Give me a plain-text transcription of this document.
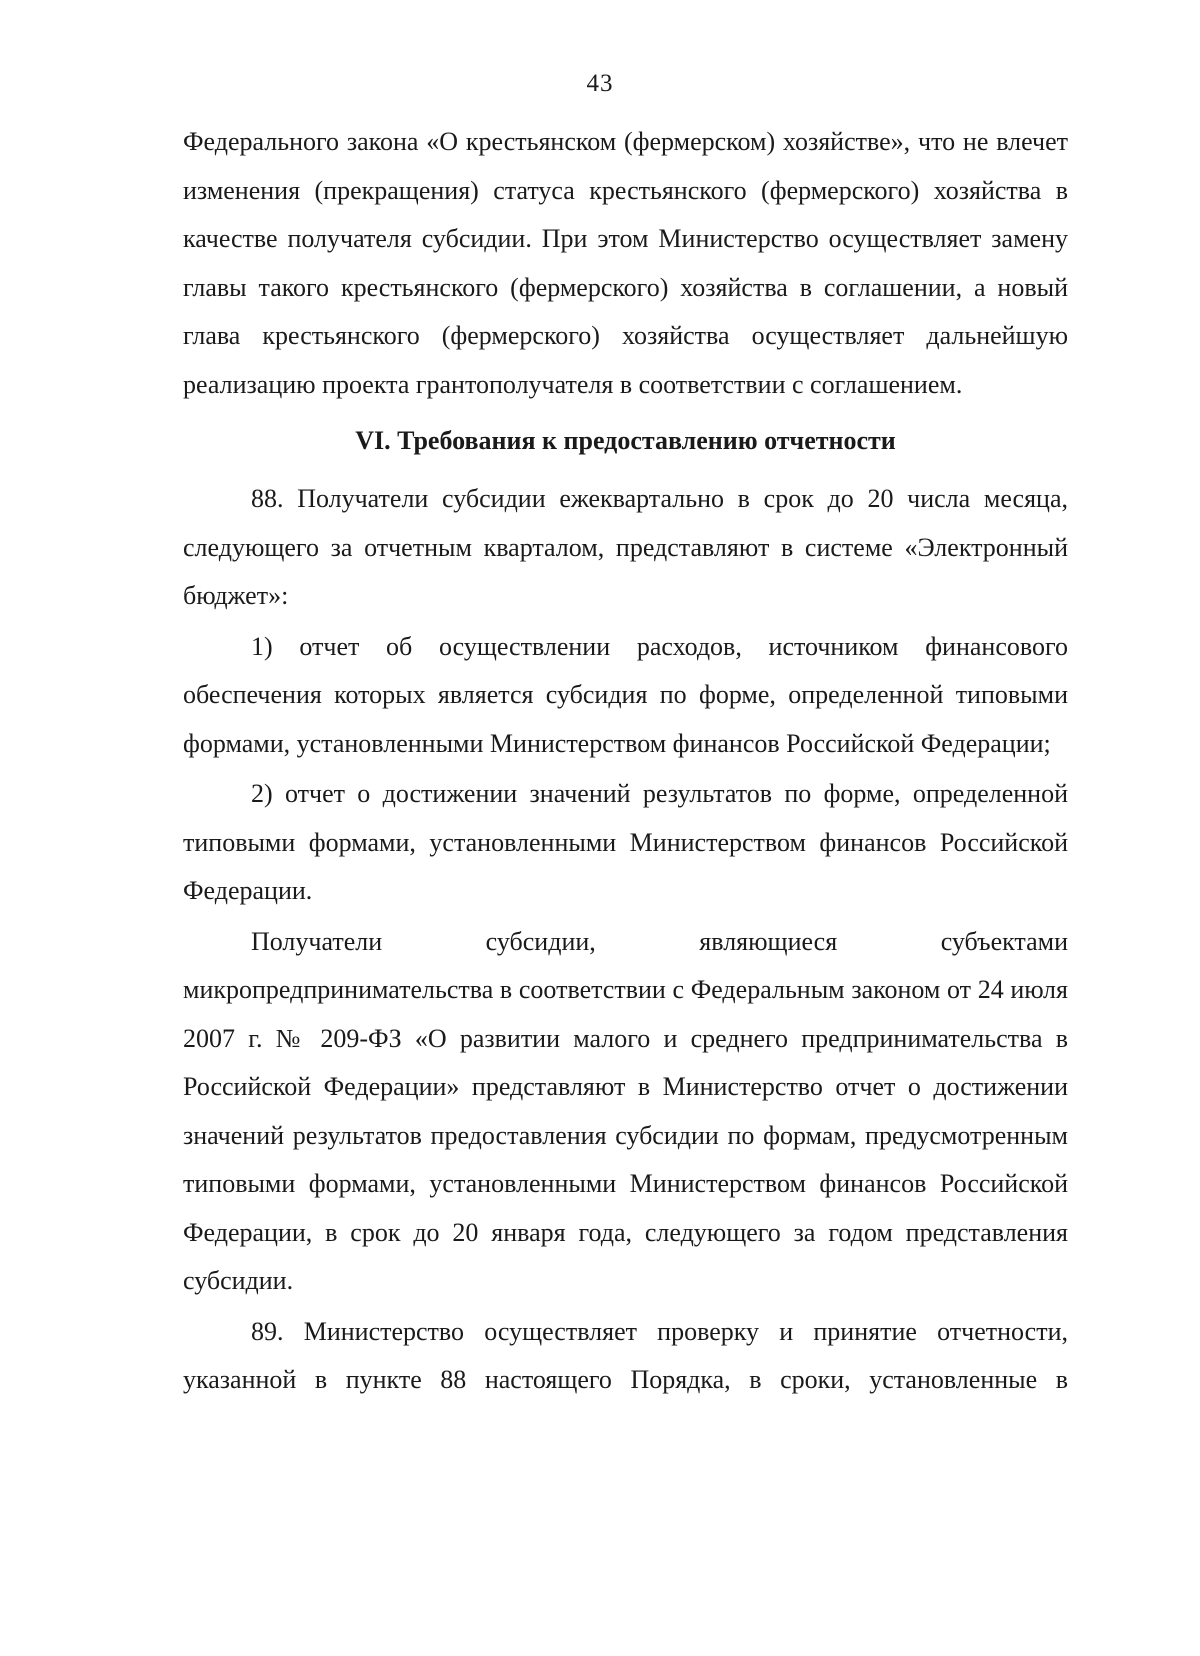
43

Федерального закона «О крестьянском (фермерском) хозяйстве», что не влечет изменения (прекращения) статуса крестьянского (фермерского) хозяйства в качестве получателя субсидии. При этом Министерство осуществляет замену главы такого крестьянского (фермерского) хозяйства в соглашении, а новый глава крестьянского (фермерского) хозяйства осуществляет дальнейшую реализацию проекта грантополучателя в соответствии с соглашением.

VI. Требования к предоставлению отчетности

88. Получатели субсидии ежеквартально в срок до 20 числа месяца, следующего за отчетным кварталом, представляют в системе «Электронный бюджет»:

1) отчет об осуществлении расходов, источником финансового обеспечения которых является субсидия по форме, определенной типовыми формами, установленными Министерством финансов Российской Федерации;

2) отчет о достижении значений результатов по форме, определенной типовыми формами, установленными Министерством финансов Российской Федерации.

Получатели субсидии, являющиеся субъектами микропредпринимательства в соответствии с Федеральным законом от 24 июля 2007 г. № 209-ФЗ «О развитии малого и среднего предпринимательства в Российской Федерации» представляют в Министерство отчет о достижении значений результатов предоставления субсидии по формам, предусмотренным типовыми формами, установленными Министерством финансов Российской Федерации, в срок до 20 января года, следующего за годом представления субсидии.

89. Министерство осуществляет проверку и принятие отчетности, указанной в пункте 88 настоящего Порядка, в сроки, установленные в
